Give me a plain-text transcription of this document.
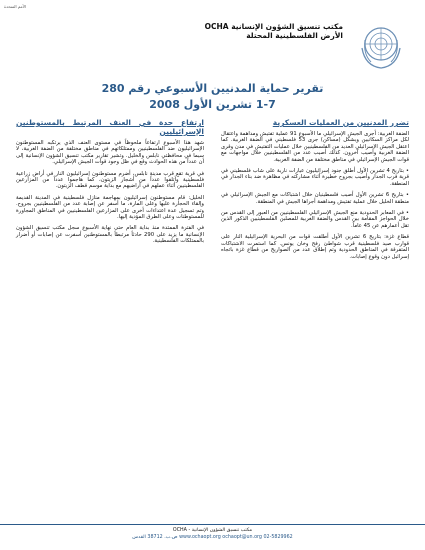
الأمم المتحدة
مكتب تنسيق الشؤون الإنسانية OCHA
الأرض الفلسطينية المحتلة
تقرير حماية المدنيين الأسبوعي رقم 280
1-7 تشرين الأول 2008
تضرر المدنيين من العمليات العسكرية

الضفة الغربية: أجرى الجيش الإسرائيلي ما الأسبوع 91 عملية تفتيش ومداهمة واعتقال لكل مراكز السكانيين ويشكل (مساكن) جرى 53 فلسطيني في الضفة الغربية. كما اعتقل الجيش الإسرائيلي العديد من الفلسطينيين خلال عمليات التفتيش في مدن وقرى الضفة الغربية وأصيب آخرون. كذلك أصيب عدد من الفلسطينيين خلال مواجهات مع قوات الجيش الإسرائيلي في مناطق مختلفة من الضفة الغربية.

• بتاريخ 4 تشرين الأول أطلق جنود إسرائيليون عيارات نارية على شاب فلسطيني في قرية قرب الجدار وأصيب بجروح خطيرة أثناء مشاركته في مظاهرة ضد بناء الجدار في المنطقة.

• بتاريخ 6 تشرين الأول أصيب فلسطينيان خلال اشتباكات مع الجيش الإسرائيلي في منطقة الخليل خلال عملية تفتيش ومداهمة أجراها الجيش في المنطقة.

• في المعابر الحدودية منع الجيش الإسرائيلي الفلسطينيين من العبور إلى القدس من خلال الحواجز المقامة بين القدس والضفة الغربية للمصلين الفلسطينيين الذكور الذين تقل أعمارهم عن 45 عاماً.

قطاع غزة: بتاريخ 6 تشرين الأول أطلقت قوات من البحرية الإسرائيلية النار على قوارب صيد فلسطينية قرب شواطئ رفح وخان يونس. كما استمرت الاشتباكات المتفرقة في المناطق الحدودية وتم إطلاق عدد من الصواريخ من قطاع غزة باتجاه إسرائيل دون وقوع إصابات.

ارتفاع حدة في العنف المرتبط بالمستوطنين الإسرائيليين

شهد هذا الأسبوع ارتفاعاً ملحوظاً في مستوى العنف الذي يرتكبه المستوطنون الإسرائيليون ضد الفلسطينيين وممتلكاتهم في مناطق مختلفة من الضفة الغربية، لا سيما في محافظتي نابلس والخليل. وتشير تقارير مكتب تنسيق الشؤون الإنسانية إلى أن عدداً من هذه الحوادث وقع في ظل وجود قوات الجيش الإسرائيلي.

في قرية تقع قرب مدينة نابلس، أضرم مستوطنون إسرائيليون النار في أراض زراعية فلسطينية وأتلفوا عدداً من أشجار الزيتون، كما هاجموا عدداً من المزارعين الفلسطينيين أثناء عملهم في أراضيهم مع بداية موسم قطف الزيتون.

الخليل: قام مستوطنون إسرائيليون بمهاجمة منازل فلسطينية في المدينة القديمة وإلقاء الحجارة عليها وعلى المارة، ما أسفر عن إصابة عدد من الفلسطينيين بجروح. وتم تسجيل عدة اعتداءات أخرى على المزارعين الفلسطينيين في المناطق المجاورة للمستوطنات وعلى الطرق المؤدية إليها.

في الفترة الممتدة منذ بداية العام حتى نهاية الأسبوع سجل مكتب تنسيق الشؤون الإنسانية ما يزيد على 290 حادثاً مرتبطاً بالمستوطنين أسفرت عن إصابات أو أضرار بالممتلكات الفلسطينية.

مكتب تنسيق الشؤون الإنسانية - OCHA
www.ochaopt.org ochaopt@un.org 02-5829962 ص.ب. 38712 القدس
